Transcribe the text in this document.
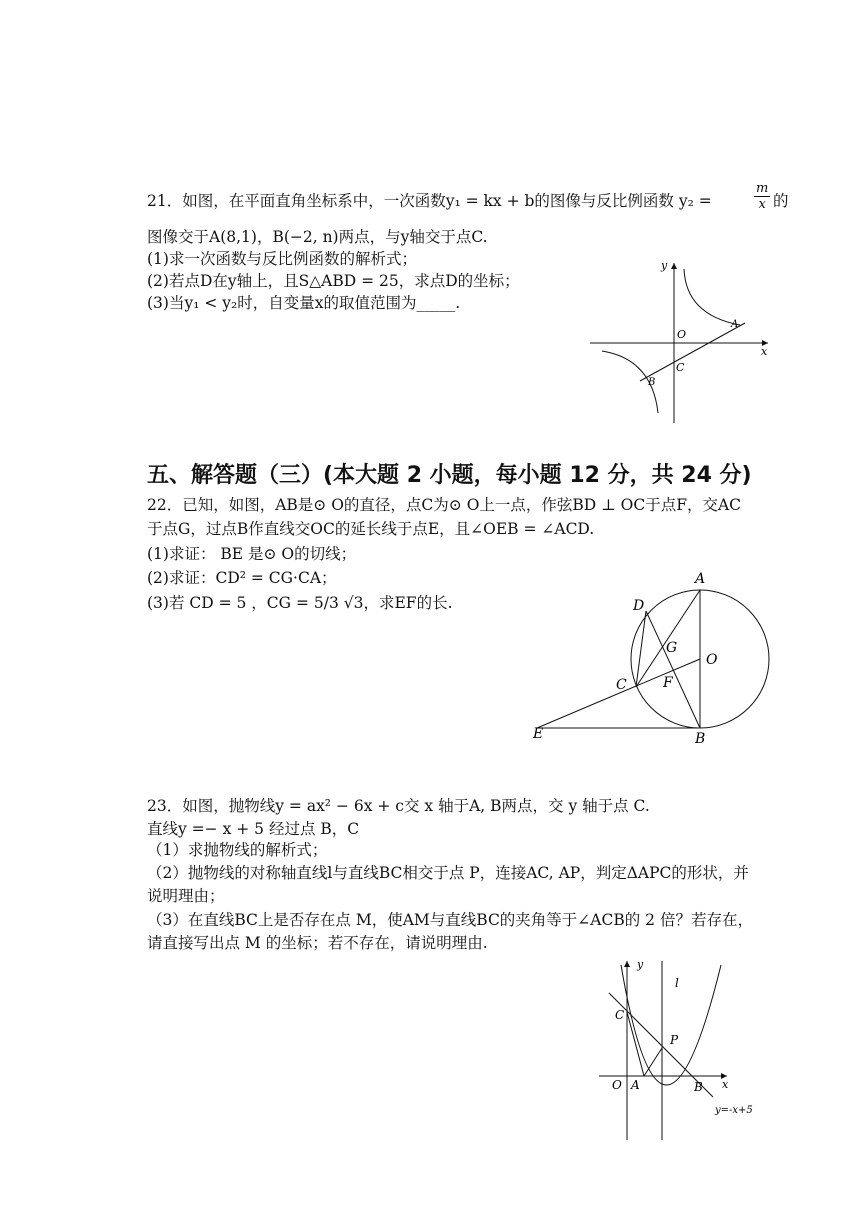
21．如图，在平面直角坐标系中，一次函数y₁ = kx + b的图像与反比例函数 y₂ =	$\frac{m}{x}$ 的
图像交于A(8,1)，B(−2, n)两点，与y轴交于点C.
(1)求一次函数与反比例函数的解析式；
(2)若点D在y轴上，且S△ABD = 25，求点D的坐标；
(3)当y₁ < y₂时，自变量x的取值范围为_____.
y
x
O
A
B
C
五、解答题（三）(本大题 2 小题，每小题 12 分，共 24 分)
22．已知，如图，AB是⊙ O的直径，点C为⊙ O上一点，作弦BD ⊥ OC于点F，交AC
于点G，过点B作直线交OC的延长线于点E，且∠OEB = ∠ACD.
(1)求证： BE 是⊙ O的切线；
(2)求证：CD² = CG·CA；
(3)若 CD = 5 ，CG = 5/3 √3，求EF的长.
A
D
G
O
C	F
E	B
23．如图，抛物线y = ax² − 6x + c交 x 轴于A, B两点，交 y 轴于点 C.
直线y =− x + 5 经过点 B，C
（1）求抛物线的解析式；
（2）抛物线的对称轴直线l与直线BC相交于点 P，连接AC, AP，判定ΔAPC的形状，并
说明理由；
（3）在直线BC上是否存在点 M，使AM与直线BC的夹角等于∠ACB的 2 倍？若存在，
请直接写出点 M 的坐标；若不存在，请说明理由.
y
l
C
P
O A	B x
y=-x+5
